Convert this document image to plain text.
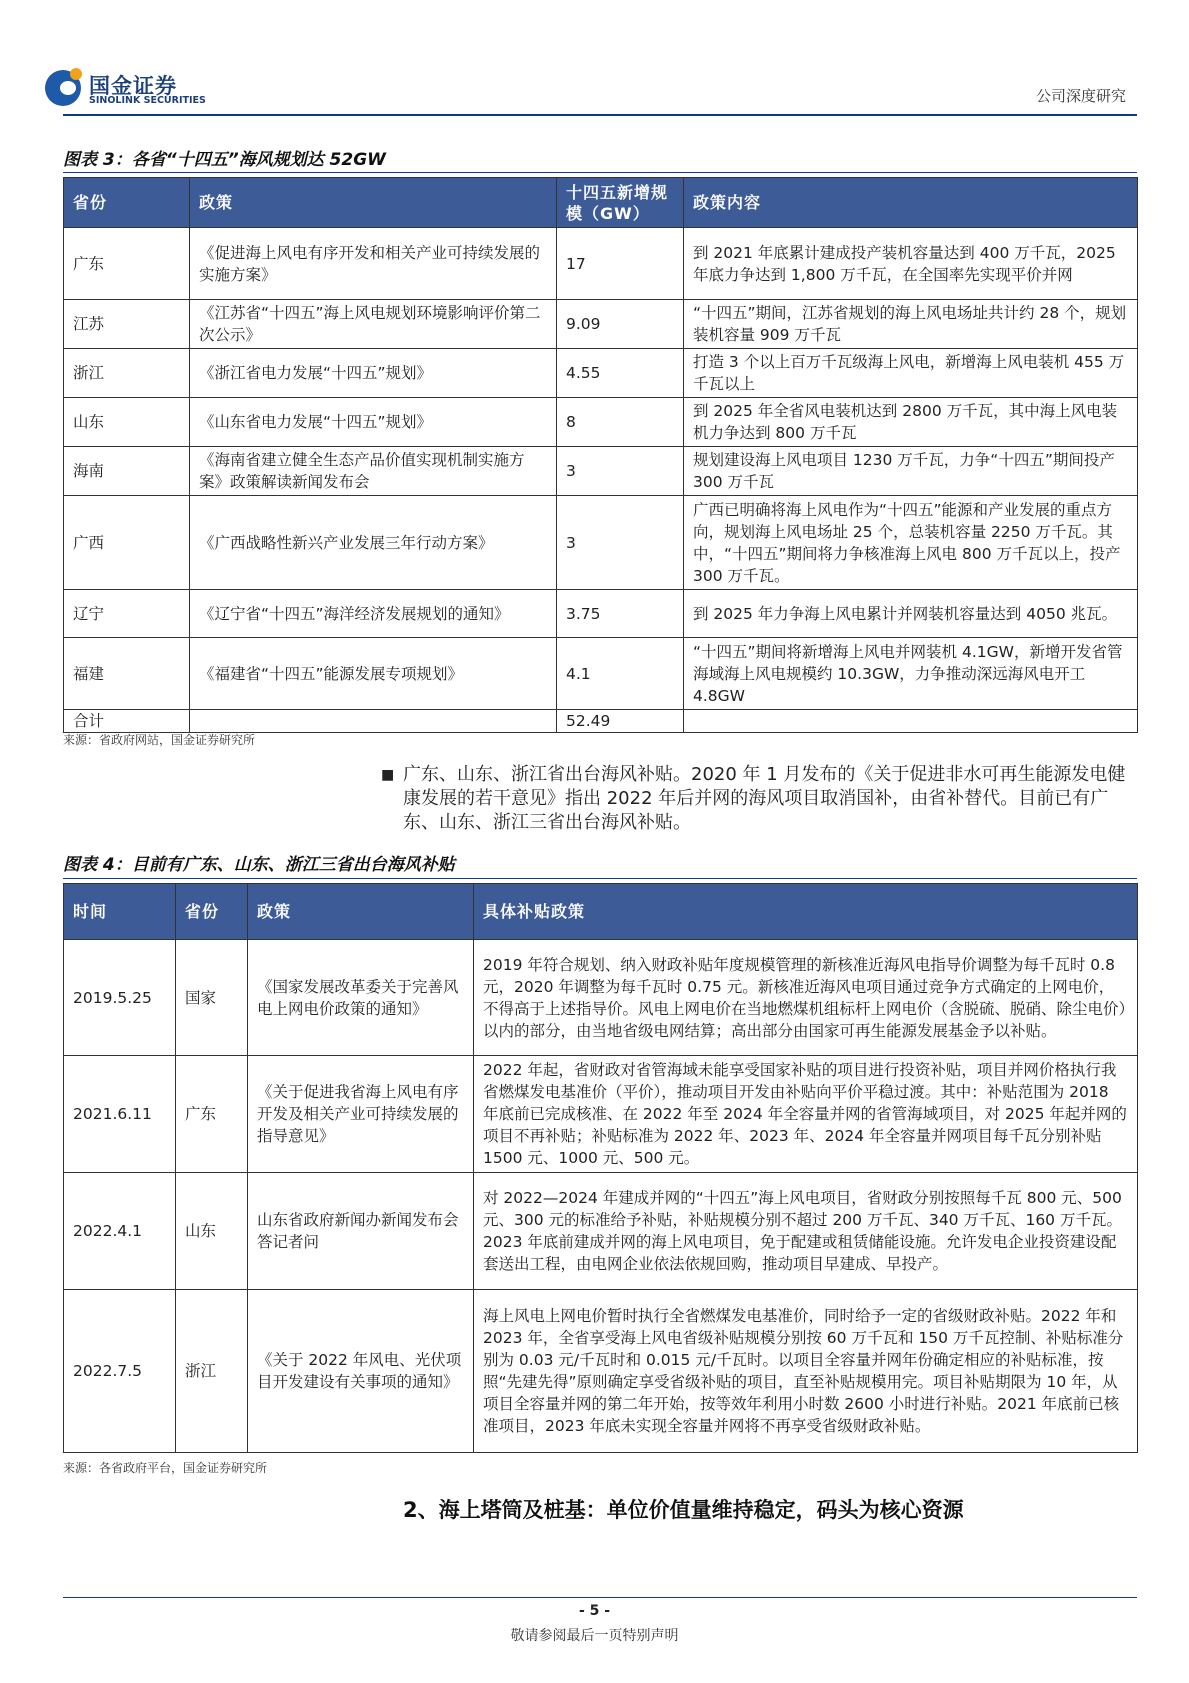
国金证券
SINOLINK SECURITIES	公司深度研究
图表 3：各省“十四五”海风规划达 52GW
省份	政策	十四五新增规模（GW）	政策内容
广东	《促进海上风电有序开发和相关产业可持续发展的实施方案》	17	到 2021 年底累计建成投产装机容量达到 400 万千瓦，2025 年底力争达到 1,800 万千瓦，在全国率先实现平价并网
江苏	《江苏省“十四五”海上风电规划环境影响评价第二次公示》	9.09	“十四五”期间，江苏省规划的海上风电场址共计约 28 个，规划装机容量 909 万千瓦
浙江	《浙江省电力发展“十四五”规划》	4.55	打造 3 个以上百万千瓦级海上风电，新增海上风电装机 455 万千瓦以上
山东	《山东省电力发展“十四五”规划》	8	到 2025 年全省风电装机达到 2800 万千瓦，其中海上风电装机力争达到 800 万千瓦
海南	《海南省建立健全生态产品价值实现机制实施方案》政策解读新闻发布会	3	规划建设海上风电项目 1230 万千瓦，力争“十四五”期间投产 300 万千瓦
广西	《广西战略性新兴产业发展三年行动方案》	3	广西已明确将海上风电作为“十四五”能源和产业发展的重点方向，规划海上风电场址 25 个，总装机容量 2250 万千瓦。其中，“十四五”期间将力争核准海上风电 800 万千瓦以上，投产 300 万千瓦。
辽宁	《辽宁省“十四五”海洋经济发展规划的通知》	3.75	到 2025 年力争海上风电累计并网装机容量达到 4050 兆瓦。
福建	《福建省“十四五”能源发展专项规划》	4.1	“十四五”期间将新增海上风电并网装机 4.1GW，新增开发省管海域海上风电规模约 10.3GW，力争推动深远海风电开工 4.8GW
合计		52.49	
来源：省政府网站，国金证券研究所
■ 广东、山东、浙江省出台海风补贴。2020 年 1 月发布的《关于促进非水可再生能源发电健康发展的若干意见》指出 2022 年后并网的海风项目取消国补，由省补替代。目前已有广东、山东、浙江三省出台海风补贴。
图表 4：目前有广东、山东、浙江三省出台海风补贴
时间	省份	政策	具体补贴政策
2019.5.25	国家	《国家发展改革委关于完善风电上网电价政策的通知》	2019 年符合规划、纳入财政补贴年度规模管理的新核准近海风电指导价调整为每千瓦时 0.8 元，2020 年调整为每千瓦时 0.75 元。新核准近海风电项目通过竞争方式确定的上网电价，不得高于上述指导价。风电上网电价在当地燃煤机组标杆上网电价（含脱硫、脱硝、除尘电价）以内的部分，由当地省级电网结算；高出部分由国家可再生能源发展基金予以补贴。
2021.6.11	广东	《关于促进我省海上风电有序开发及相关产业可持续发展的指导意见》	2022 年起，省财政对省管海域未能享受国家补贴的项目进行投资补贴，项目并网价格执行我省燃煤发电基准价（平价），推动项目开发由补贴向平价平稳过渡。其中：补贴范围为 2018 年底前已完成核准、在 2022 年至 2024 年全容量并网的省管海域项目，对 2025 年起并网的项目不再补贴；补贴标准为 2022 年、2023 年、2024 年全容量并网项目每千瓦分别补贴 1500 元、1000 元、500 元。
2022.4.1	山东	山东省政府新闻办新闻发布会答记者问	对 2022—2024 年建成并网的“十四五”海上风电项目，省财政分别按照每千瓦 800 元、500 元、300 元的标准给予补贴，补贴规模分别不超过 200 万千瓦、340 万千瓦、160 万千瓦。2023 年底前建成并网的海上风电项目，免于配建或租赁储能设施。允许发电企业投资建设配套送出工程，由电网企业依法依规回购，推动项目早建成、早投产。
2022.7.5	浙江	《关于 2022 年风电、光伏项目开发建设有关事项的通知》	海上风电上网电价暂时执行全省燃煤发电基准价，同时给予一定的省级财政补贴。2022 年和 2023 年，全省享受海上风电省级补贴规模分别按 60 万千瓦和 150 万千瓦控制、补贴标准分别为 0.03 元/千瓦时和 0.015 元/千瓦时。以项目全容量并网年份确定相应的补贴标准，按照“先建先得”原则确定享受省级补贴的项目，直至补贴规模用完。项目补贴期限为 10 年，从项目全容量并网的第二年开始，按等效年利用小时数 2600 小时进行补贴。2021 年底前已核准项目，2023 年底未实现全容量并网将不再享受省级财政补贴。
来源：各省政府平台，国金证券研究所
2、海上塔筒及桩基：单位价值量维持稳定，码头为核心资源
- 5 -
敬请参阅最后一页特别声明
